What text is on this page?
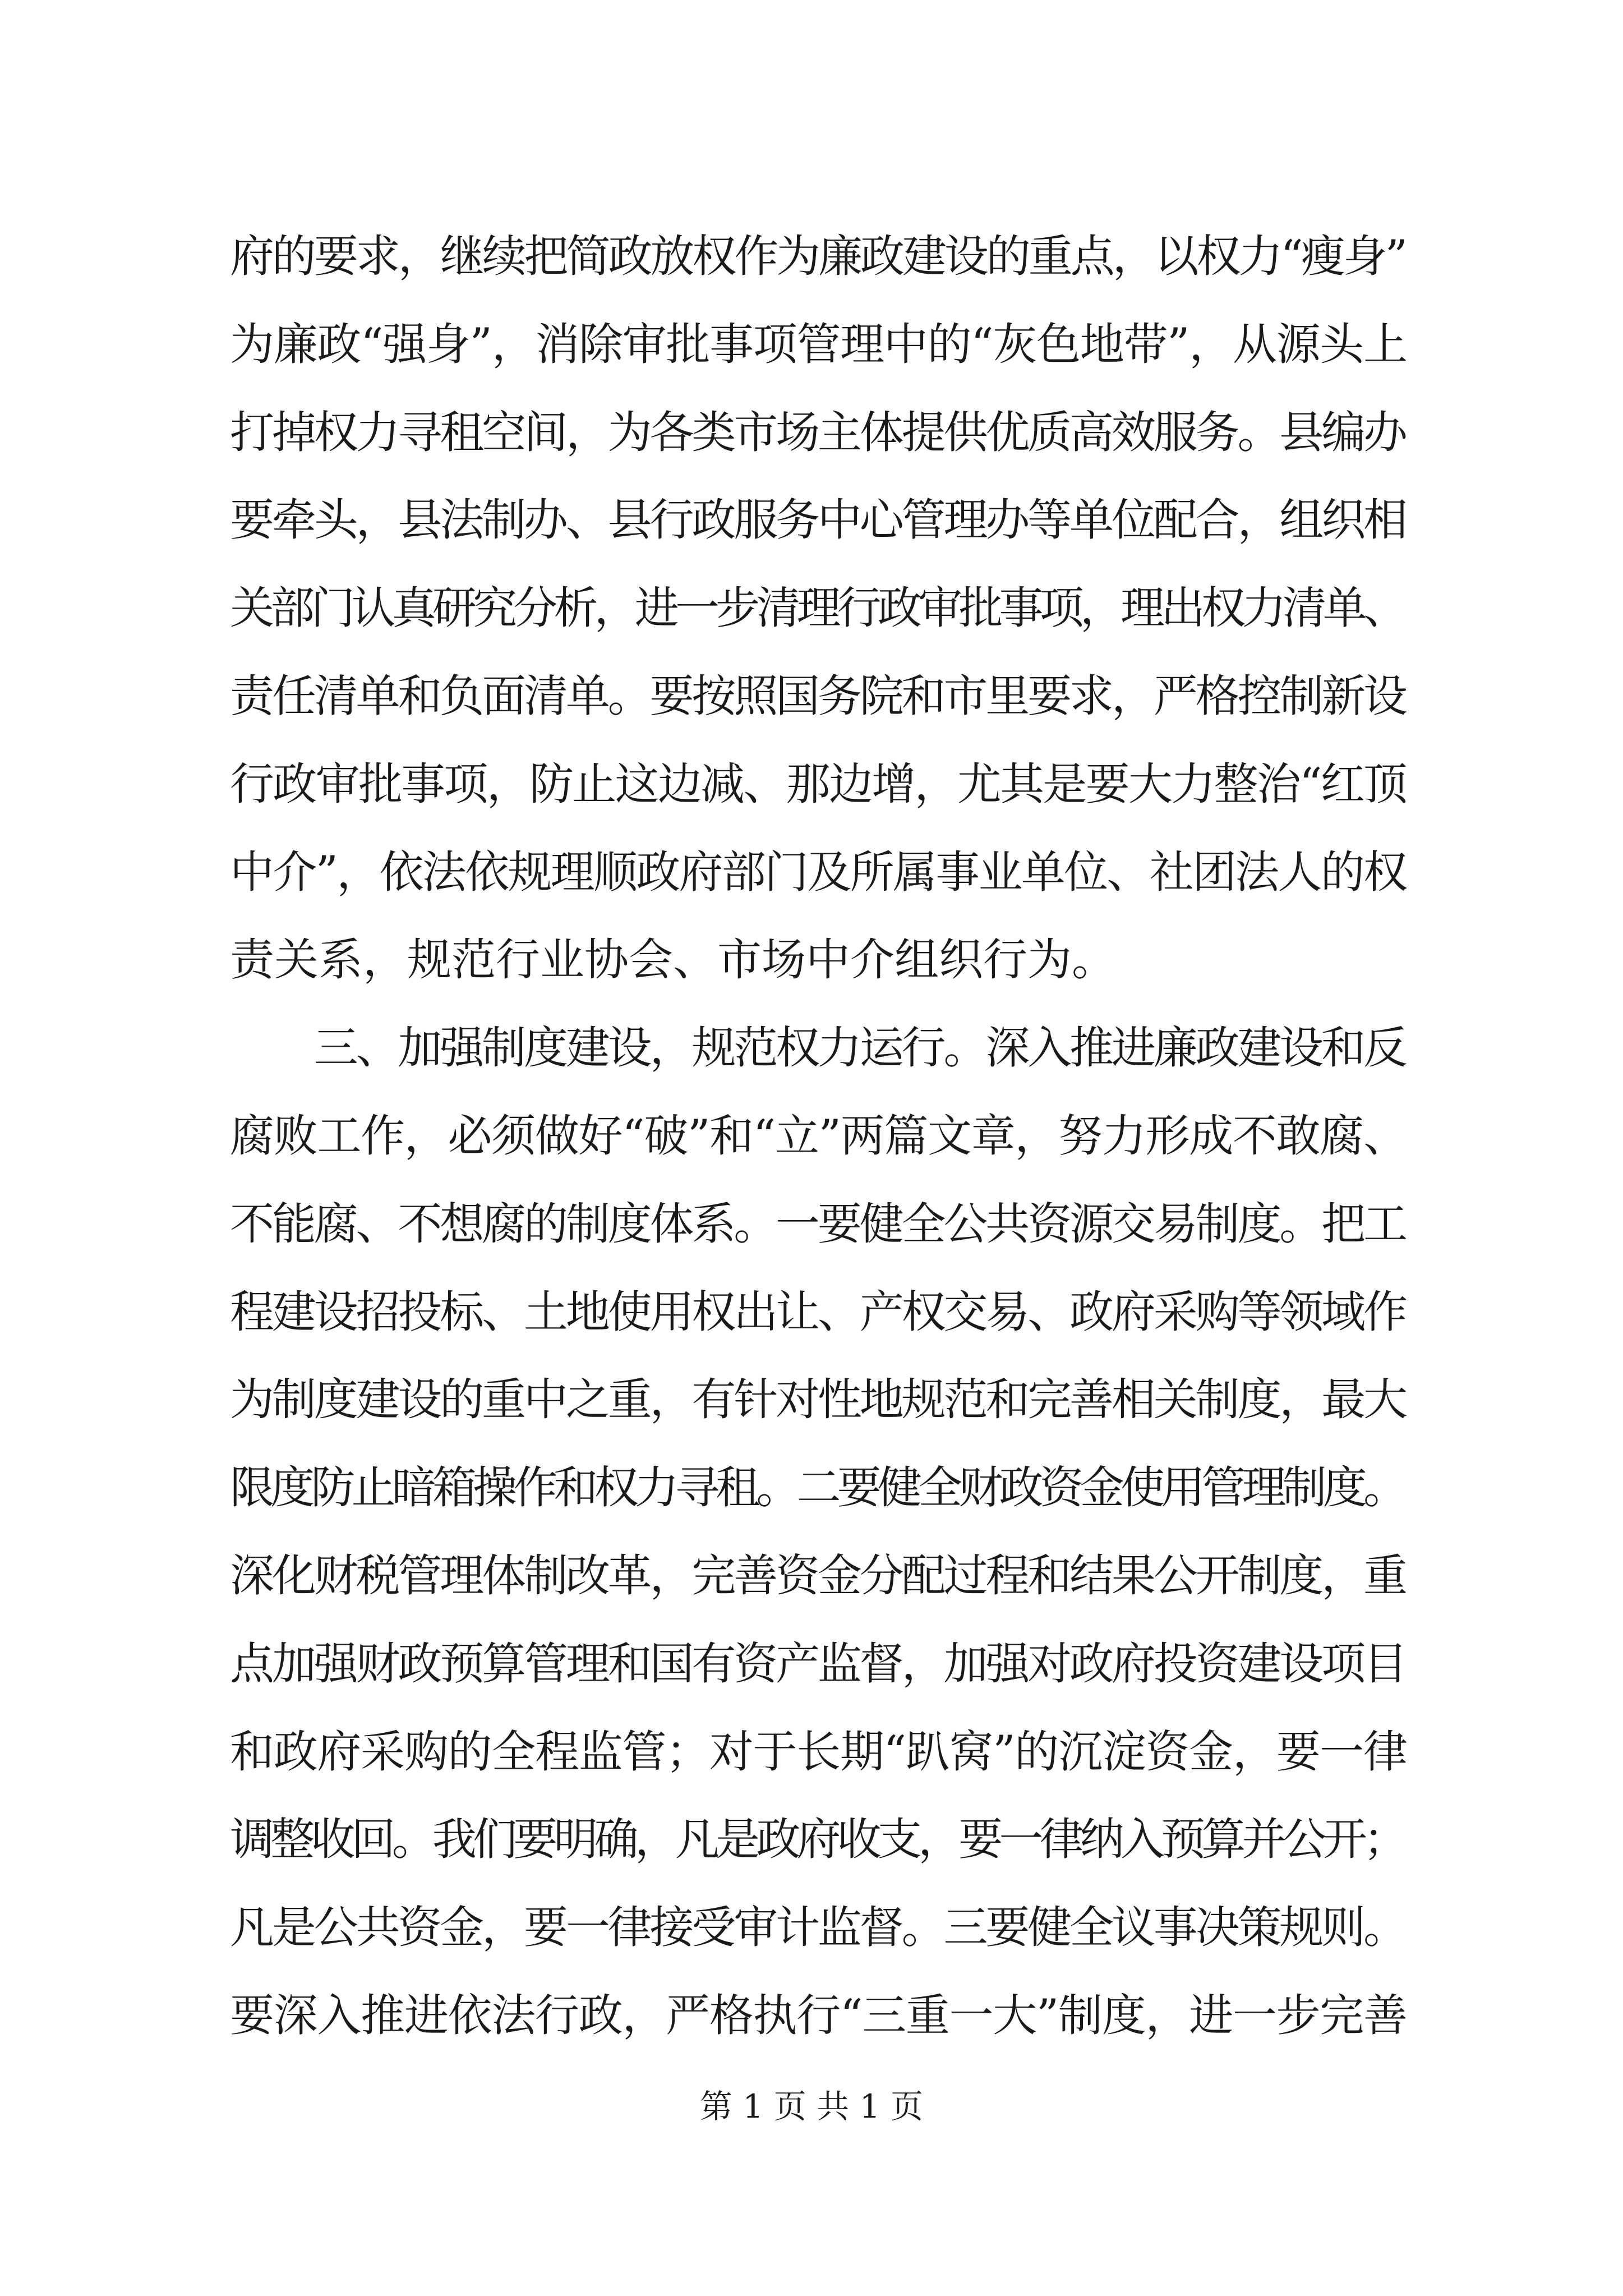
府的要求，继续把简政放权作为廉政建设的重点，以权力“瘦身”
为廉政“强身”，消除审批事项管理中的“灰色地带”，从源头上
打掉权力寻租空间，为各类市场主体提供优质高效服务。县编办
要牵头，县法制办、县行政服务中心管理办等单位配合，组织相
关部门认真研究分析，进一步清理行政审批事项，理出权力清单、
责任清单和负面清单。要按照国务院和市里要求，严格控制新设
行政审批事项，防止这边减、那边增，尤其是要大力整治“红顶
中介”，依法依规理顺政府部门及所属事业单位、社团法人的权
责关系，规范行业协会、市场中介组织行为。
　　三、加强制度建设，规范权力运行。深入推进廉政建设和反
腐败工作，必须做好“破”和“立”两篇文章，努力形成不敢腐、
不能腐、不想腐的制度体系。一要健全公共资源交易制度。把工
程建设招投标、土地使用权出让、产权交易、政府采购等领域作
为制度建设的重中之重，有针对性地规范和完善相关制度，最大
限度防止暗箱操作和权力寻租。二要健全财政资金使用管理制度。
深化财税管理体制改革，完善资金分配过程和结果公开制度，重
点加强财政预算管理和国有资产监督，加强对政府投资建设项目
和政府采购的全程监管；对于长期“趴窝”的沉淀资金，要一律
调整收回。我们要明确，凡是政府收支，要一律纳入预算并公开；
凡是公共资金，要一律接受审计监督。三要健全议事决策规则。
要深入推进依法行政，严格执行“三重一大”制度，进一步完善
第 1 页 共 1 页
